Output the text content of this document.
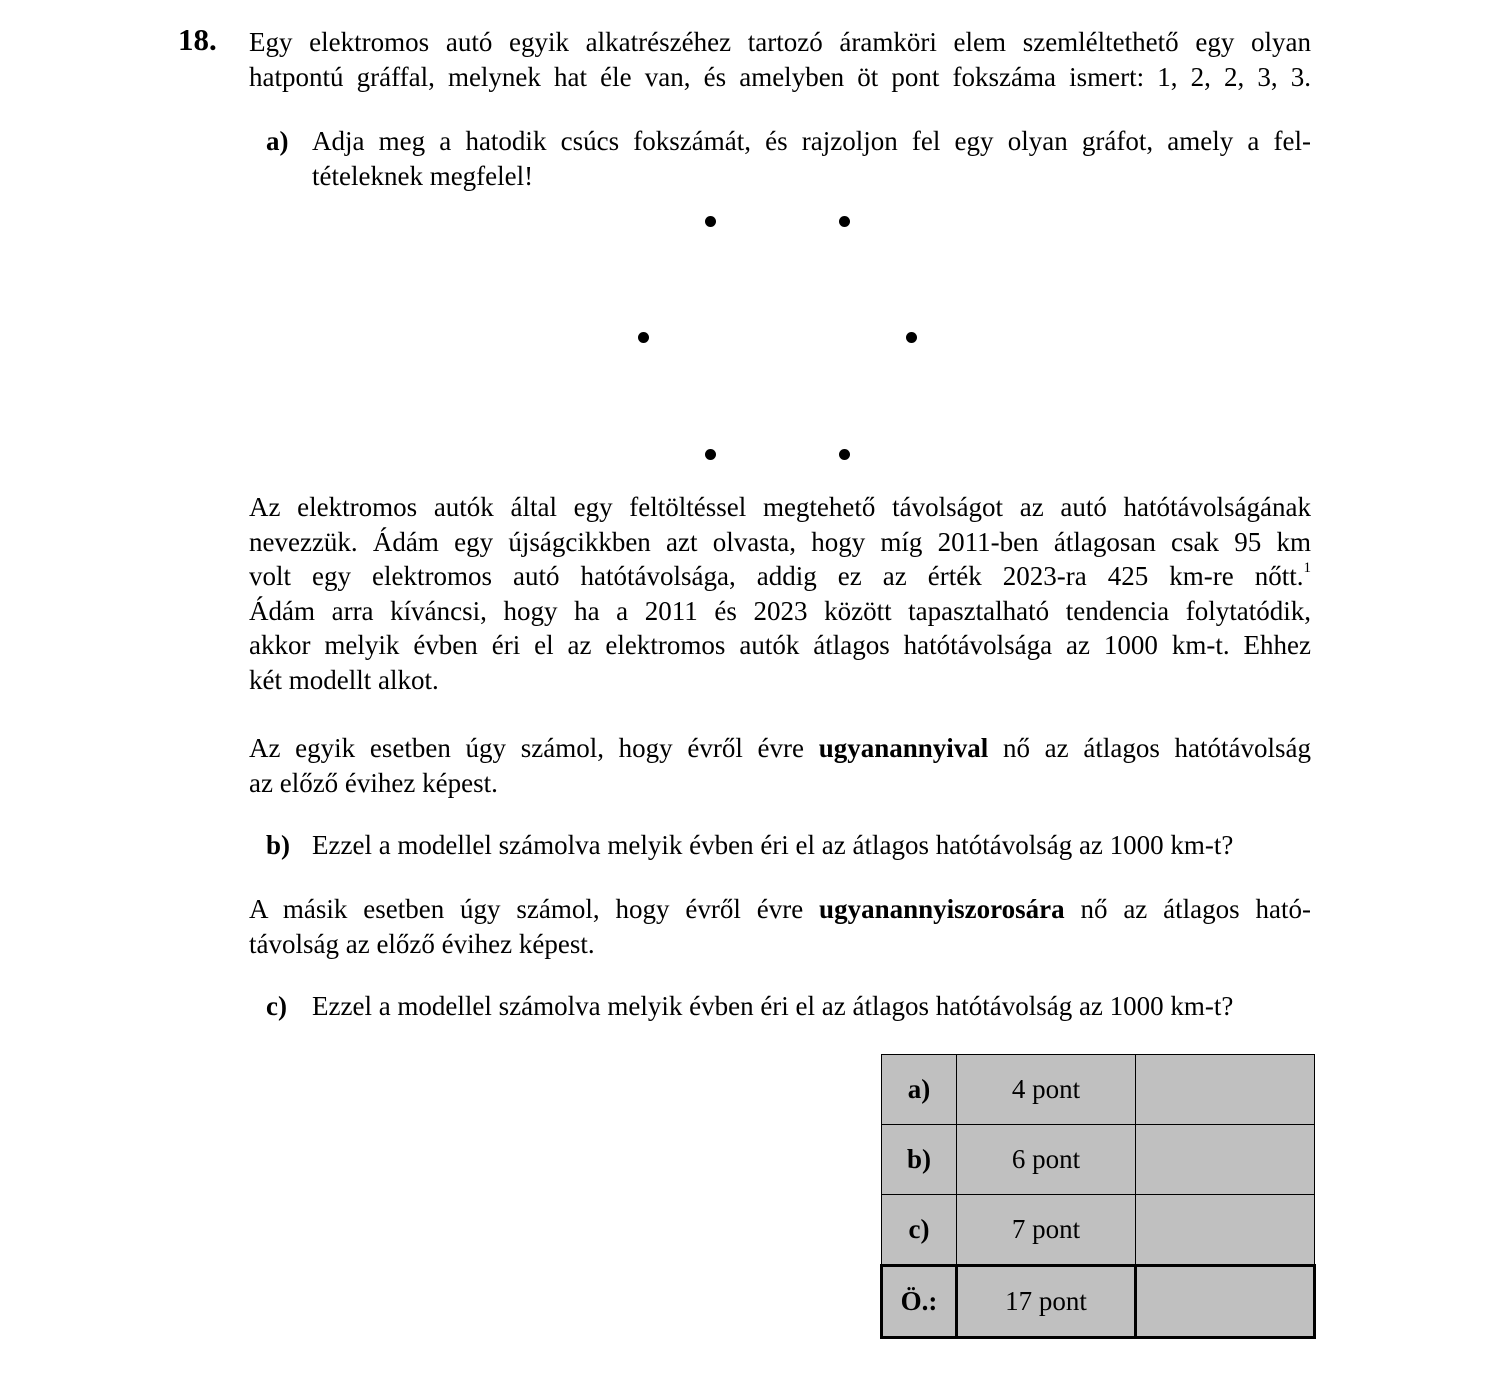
18. Egy elektromos autó egyik alkatrészéhez tartozó áramköri elem szemléltethető egy olyan
hatpontú gráffal, melynek hat éle van, és amelyben öt pont fokszáma ismert: 1, 2, 2, 3, 3.
a) Adja meg a hatodik csúcs fokszámát, és rajzoljon fel egy olyan gráfot, amely a fel-
tételeknek megfelel!
Az elektromos autók által egy feltöltéssel megtehető távolságot az autó hatótávolságának
nevezzük. Ádám egy újságcikkben azt olvasta, hogy míg 2011-ben átlagosan csak 95 km
volt egy elektromos autó hatótávolsága, addig ez az érték 2023-ra 425 km-re nőtt.$^1$
Ádám arra kíváncsi, hogy ha a 2011 és 2023 között tapasztalható tendencia folytatódik,
akkor melyik évben éri el az elektromos autók átlagos hatótávolsága az 1000 km-t. Ehhez
két modellt alkot.
Az egyik esetben úgy számol, hogy évről évre ugyanannyival nő az átlagos hatótávolság
az előző évihez képest.
b) Ezzel a modellel számolva melyik évben éri el az átlagos hatótávolság az 1000 km-t?
A másik esetben úgy számol, hogy évről évre ugyanannyiszorosára nő az átlagos ható-
távolság az előző évihez képest.
c) Ezzel a modellel számolva melyik évben éri el az átlagos hatótávolság az 1000 km-t?
a)	4 pont	
b)	6 pont	
c)	7 pont	
Ö.:	17 pont	
